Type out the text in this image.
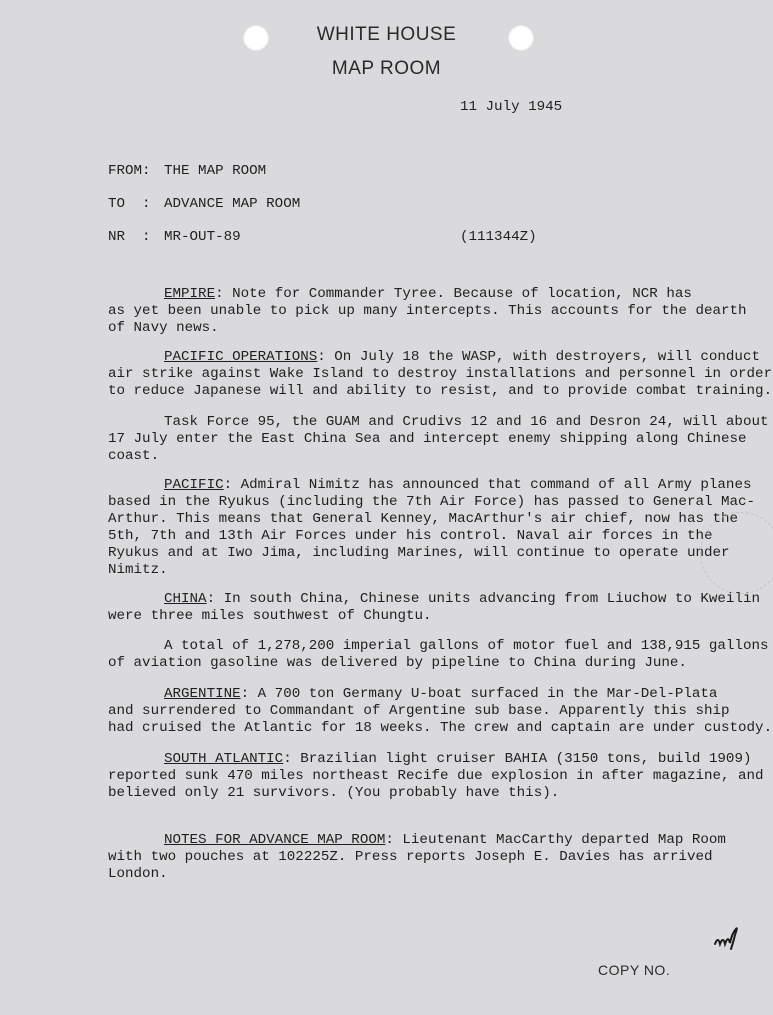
WHITE HOUSE
MAP ROOM
11 July 1945
FROM: THE MAP ROOM
TO  : ADVANCE MAP ROOM
NR  : MR-OUT-89	(111344Z)

EMPIRE: Note for Commander Tyree. Because of location, NCR has

as yet been unable to pick up many intercepts. This accounts for the dearth

of Navy news.

PACIFIC OPERATIONS: On July 18 the WASP, with destroyers, will conduct

air strike against Wake Island to destroy installations and personnel in order

to reduce Japanese will and ability to resist, and to provide combat training.

Task Force 95, the GUAM and Crudivs 12 and 16 and Desron 24, will about

17 July enter the East China Sea and intercept enemy shipping along Chinese

coast.

PACIFIC: Admiral Nimitz has announced that command of all Army planes

based in the Ryukus (including the 7th Air Force) has passed to General Mac-

Arthur. This means that General Kenney, MacArthur's air chief, now has the

5th, 7th and 13th Air Forces under his control. Naval air forces in the

Ryukus and at Iwo Jima, including Marines, will continue to operate under

Nimitz.

CHINA: In south China, Chinese units advancing from Liuchow to Kweilin

were three miles southwest of Chungtu.

A total of 1,278,200 imperial gallons of motor fuel and 138,915 gallons

of aviation gasoline was delivered by pipeline to China during June.

ARGENTINE: A 700 ton Germany U-boat surfaced in the Mar-Del-Plata

and surrendered to Commandant of Argentine sub base. Apparently this ship

had cruised the Atlantic for 18 weeks. The crew and captain are under custody.

SOUTH ATLANTIC: Brazilian light cruiser BAHIA (3150 tons, build 1909)

reported sunk 470 miles northeast Recife due explosion in after magazine, and

believed only 21 survivors. (You probably have this).

NOTES FOR ADVANCE MAP ROOM: Lieutenant MacCarthy departed Map Room

with two pouches at 102225Z. Press reports Joseph E. Davies has arrived

London.

COPY NO.
